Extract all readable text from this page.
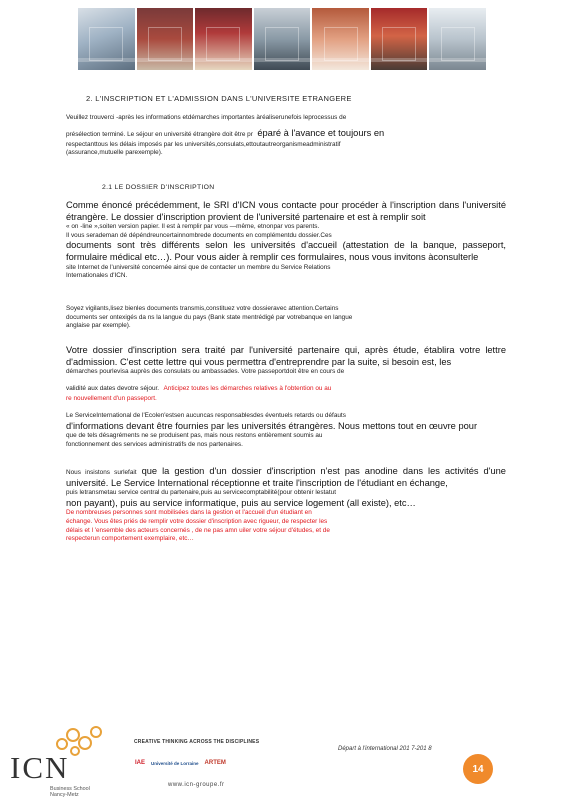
2. L'INSCRIPTION ET L'ADMISSION DANS L'UNIVERSITE ETRANGERE
Veuillez trouverci -après les informations etdémarches importantes àréaliserunefois leprocessus de
présélection terminé. Le séjour en université étrangère doit être pr éparé à l'avance et toujours en
respectanttous les délais imposés par les universités,consulats,ettoutautreorganismeadministratif
(assurance,mutuelle parexemple).
2.1 LE DOSSIER D'INSCRIPTION
Comme énoncé précédemment, le SRI d'ICN vous contacte pour procéder à l'inscription dans l'université étrangère. Le dossier d'inscription provient de l'université partenaire et est à remplir soit
« on -line »,soiten version papier. Il est à remplir par vous —même, etnonpar vos parents.
Il vous serademan dé dépéndreuncertainnombrede documents en complémentdu dossier.Ces
documents sont très différents selon les universités d'accueil (attestation de la banque, passeport, formulaire médical etc…). Pour vous aider à remplir ces formulaires, nous vous invitons àconsulterle
site Internet de l'université concernée ainsi que de contacter un membre du Service Relations
Internationales d'ICN.
Soyez vigilants,lisez bienles documents transmis,constituez votre dossieravec attention.Certains
documents ser ontexigés da ns la langue du pays (Bank state mentrédigé par votrebanque en langue
anglaise par exemple).
Votre dossier d'inscription sera traité par l'université partenaire qui, après étude, établira votre lettre d'admission. C'est cette lettre qui vous permettra d'entreprendre par la suite, si besoin est, les
démarches pourlevisa auprès des consulats ou ambassades. Votre passeportdoit être en cours de
validité aux dates devotre séjour. Anticipez toutes les démarches relatives à l'obtention ou au
re nouvellement d'un passeport.
Le ServiceInternational de l'Ecolen'estsen aucuncas responsablesdes éventuels retards ou défauts
d'informations devant être fournies par les universités étrangères. Nous mettons tout en œuvre pour
que de tels désagréments ne se produisent pas, mais nous restons entièrement soumis au
fonctionnement des services administratifs de nos partenaires.
Nous insistons surlefait que la gestion d'un dossier d'inscription n'est pas anodine dans les activités d'une université. Le Service International réceptionne et traite l'inscription de l'étudiant en échange,
puis letransmetau service central du partenaire,puis au servicecomptabilité(pour obtenir lestatut
non payant), puis au service informatique, puis au service logement (all existe), etc…
De nombreuses personnes sont mobilisées dans la gestion et l'accueil d'un étudiant en
échange. Vous êtes priés de remplir votre dossier d'inscription avec rigueur, de respecter les
délais et l 'ensemble des acteurs concernés , de ne pas amn uiler votre séjour d'études, et de
respecterun comportement exemplaire, etc…
ICN
Business School
Nancy-Metz
CREATIVE THINKING ACROSS THE DISCIPLINES
IAE Université de Lorraine ARTEM
www.icn-groupe.fr
Départ à l'international 201 7-201 8
14
